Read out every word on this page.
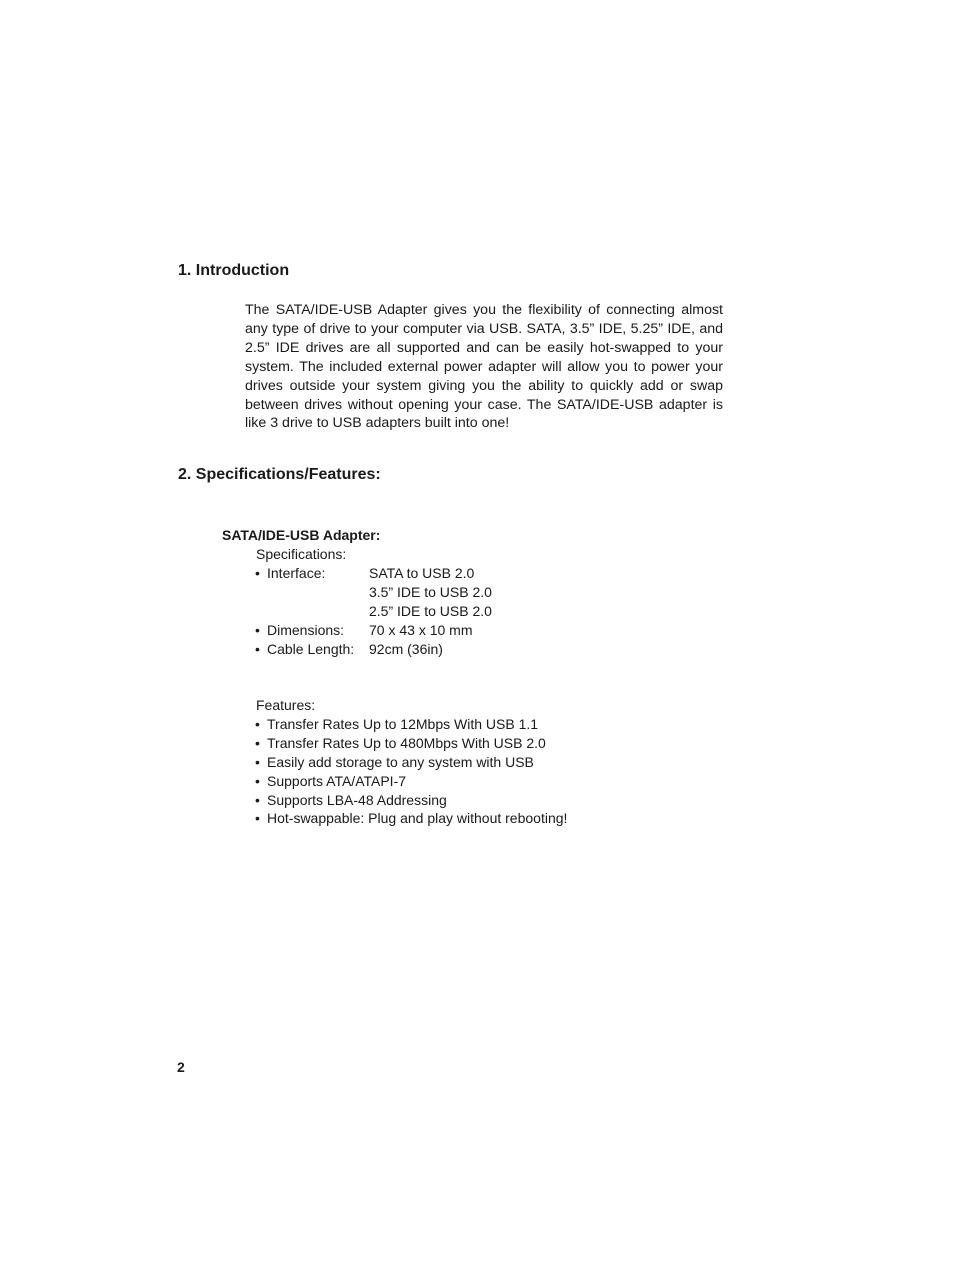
1. Introduction

The SATA/IDE-USB Adapter gives you the flexibility of connecting almost any type of drive to your computer via USB. SATA, 3.5” IDE, 5.25” IDE, and 2.5” IDE drives are all supported and can be easily hot-swapped to your system. The included external power adapter will allow you to power your drives outside your system giving you the ability to quickly add or swap between drives without opening your case. The SATA/IDE-USB adapter is like 3 drive to USB adapters built into one!

2. Specifications/Features:
SATA/IDE-USB Adapter:
Specifications:
• Interface:	SATA to USB 2.0
3.5” IDE to USB 2.0
2.5” IDE to USB 2.0
• Dimensions: 70 x 43 x 10 mm
• Cable Length: 92cm (36in)
Features:
• Transfer Rates Up to 12Mbps With USB 1.1
• Transfer Rates Up to 480Mbps With USB 2.0
• Easily add storage to any system with USB
• Supports ATA/ATAPI-7
• Supports LBA-48 Addressing
• Hot-swappable: Plug and play without rebooting!
2
